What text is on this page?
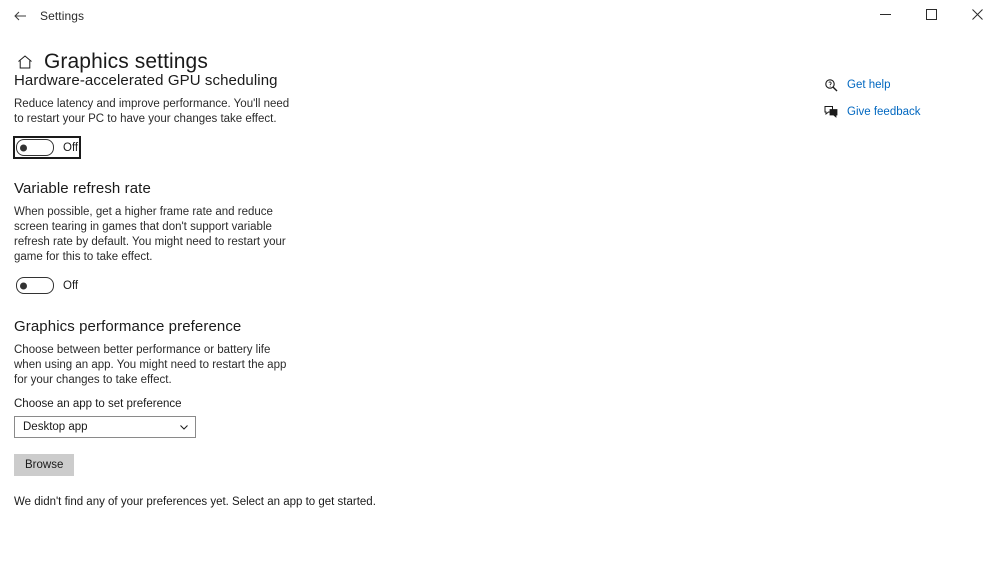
Settings
Graphics settings
Hardware-accelerated GPU scheduling

Reduce latency and improve performance. You'll need to restart your PC to have your changes take effect.

Off
Variable refresh rate

When possible, get a higher frame rate and reduce screen tearing in games that don't support variable refresh rate by default. You might need to restart your game for this to take effect.

Off
Graphics performance preference

Choose between better performance or battery life when using an app. You might need to restart the app for your changes to take effect.

Choose an app to set preference
Desktop app
Browse
We didn't find any of your preferences yet. Select an app to get started.
Get help
Give feedback
